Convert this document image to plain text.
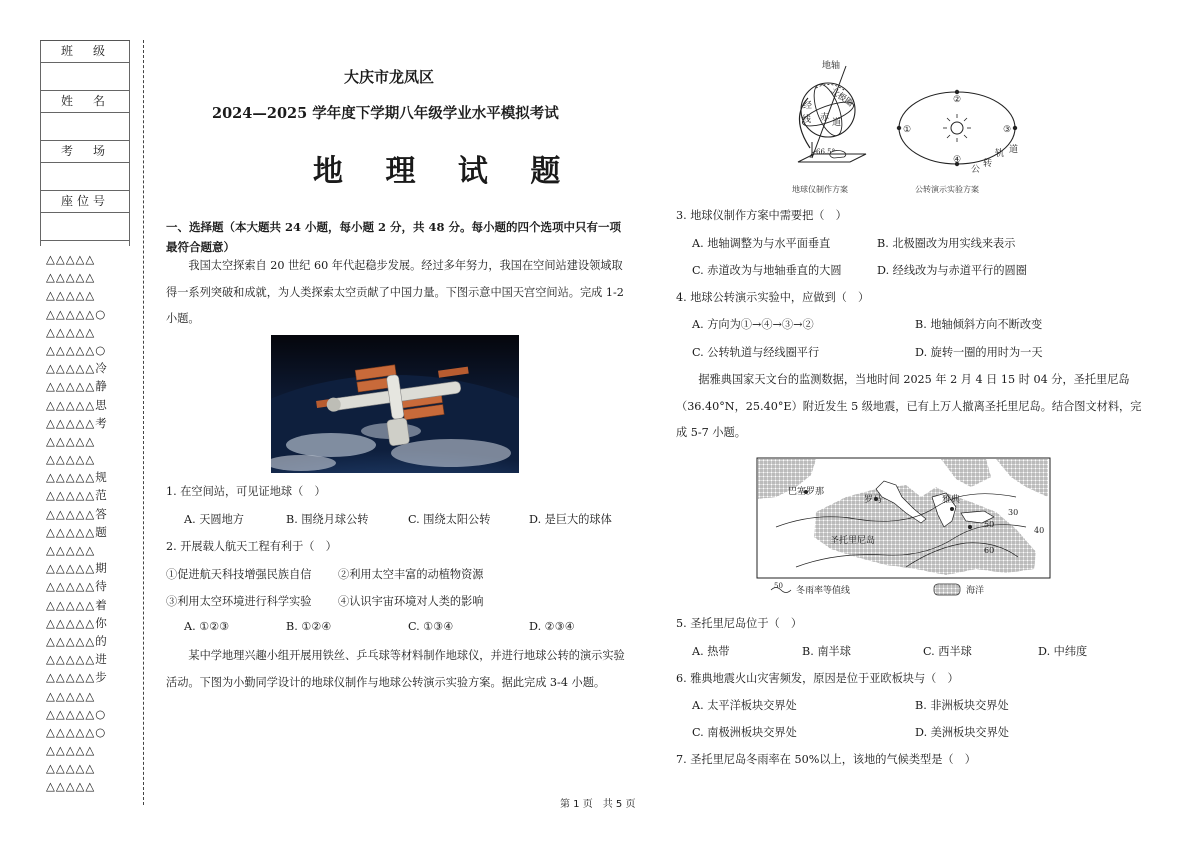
班　级
姓　名
考　场
座位号
△△△△△
△△△△△
△△△△△
△△△△△○
△△△△△
△△△△△○
△△△△△冷
△△△△△静
△△△△△思
△△△△△考
△△△△△
△△△△△
△△△△△规
△△△△△范
△△△△△答
△△△△△题
△△△△△
△△△△△期
△△△△△待
△△△△△着
△△△△△你
△△△△△的
△△△△△进
△△△△△步
△△△△△
△△△△△○
△△△△△○
△△△△△
△△△△△
△△△△△
大庆市龙凤区
2024—2025 学年度下学期八年级学业水平模拟考试
地 理 试 题
一、选择题（本大题共 24 小题，每小题 2 分，共 48 分。每小题的四个选项中只有一项最符合题意）
我国太空探索自 20 世纪 60 年代起稳步发展。经过多年努力，我国在空间站建设领域取得一系列突破和成就，为人类探索太空贡献了中国力量。下图示意中国天宫空间站。完成 1-2 小题。
1. 在空间站，可见证地球（　）
A. 天圆地方	B. 围绕月球公转	C. 围绕太阳公转	D. 是巨大的球体
2. 开展载人航天工程有利于（　）
①促进航天科技增强民族自信 ②利用太空丰富的动植物资源
③利用太空环境进行科学实验 ④认识宇宙环境对人类的影响
A. ①②③	B. ①②④	C. ①③④	D. ②③④
某中学地理兴趣小组开展用铁丝、乒乓球等材料制作地球仪，并进行地球公转的演示实验活动。下图为小勤同学设计的地球仪制作与地球公转演示实验方案。据此完成 3-4 小题。
地轴
北极圈
经
线 赤 道
66.5°
地球仪制作方案
②
③
④
①
公
转
轨 道
公转演示实验方案
3. 地球仪制作方案中需要把（　）
A. 地轴调整为与水平面垂直	B. 北极圈改为用实线来表示
C. 赤道改为与地轴垂直的大圆	D. 经线改为与赤道平行的圆圈
4. 地球公转演示实验中，应做到（　）
A. 方向为①→④→③→②	B. 地轴倾斜方向不断改变
C. 公转轨道与经线圈平行	D. 旋转一圈的用时为一天
据雅典国家天文台的监测数据，当地时间 2025 年 2 月 4 日 15 时 04 分，圣托里尼岛（36.40°N，25.40°E）附近发生 5 级地震，已有上万人撤离圣托里尼岛。结合图文材料，完成 5-7 小题。
巴塞罗那
罗马	雅典
圣托里尼岛
30
40
50
60
50 冬雨率等值线	海洋
5. 圣托里尼岛位于（　）
A. 热带	B. 南半球	C. 西半球	D. 中纬度
6. 雅典地震火山灾害频发，原因是位于亚欧板块与（　）
A. 太平洋板块交界处	B. 非洲板块交界处
C. 南极洲板块交界处	D. 美洲板块交界处
7. 圣托里尼岛冬雨率在 50%以上，该地的气候类型是（　）
第 1 页　共 5 页
